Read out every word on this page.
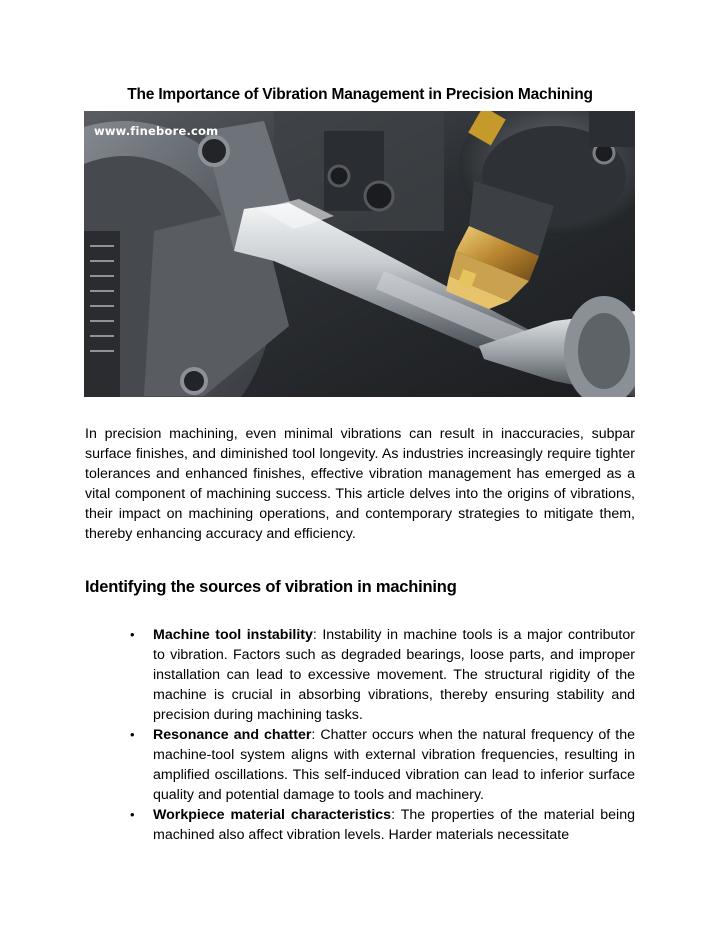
The Importance of Vibration Management in Precision Machining
www.finebore.com

In precision machining, even minimal vibrations can result in inaccuracies, subpar surface finishes, and diminished tool longevity. As industries increasingly require tighter tolerances and enhanced finishes, effective vibration management has emerged as a vital component of machining success. This article delves into the origins of vibrations, their impact on machining operations, and contemporary strategies to mitigate them, thereby enhancing accuracy and efficiency.

Identifying the sources of vibration in machining
• Machine tool instability: Instability in machine tools is a major contributor to vibration. Factors such as degraded bearings, loose parts, and improper installation can lead to excessive movement. The structural rigidity of the machine is crucial in absorbing vibrations, thereby ensuring stability and precision during machining tasks.
• Resonance and chatter: Chatter occurs when the natural frequency of the machine-tool system aligns with external vibration frequencies, resulting in amplified oscillations. This self-induced vibration can lead to inferior surface quality and potential damage to tools and machinery.
• Workpiece material characteristics: The properties of the material being machined also affect vibration levels. Harder materials necessitate
